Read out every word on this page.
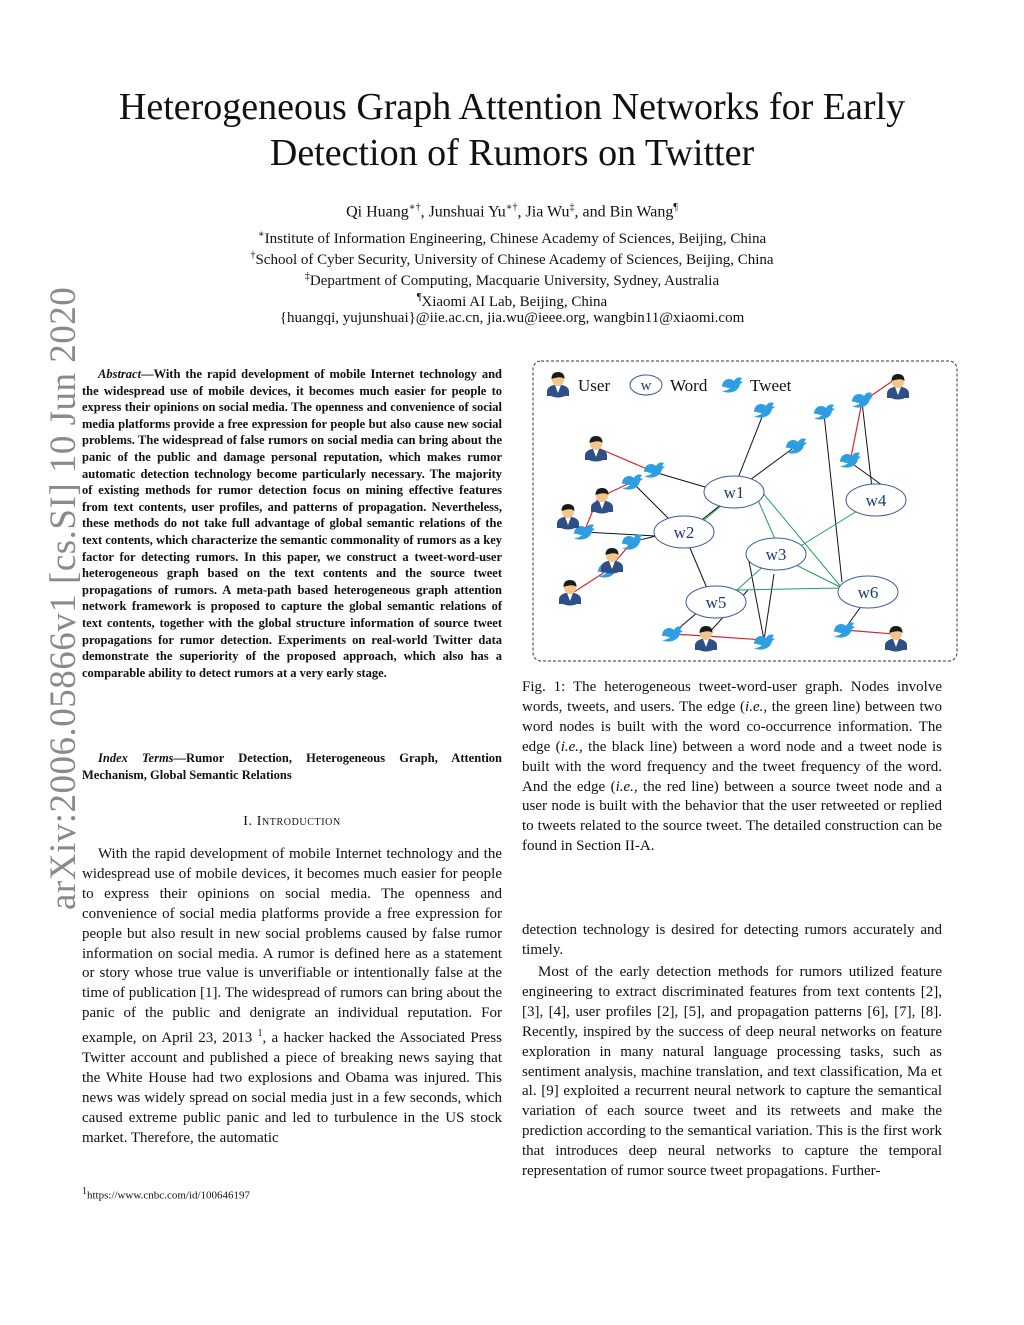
arXiv:2006.05866v1 [cs.SI] 10 Jun 2020
Heterogeneous Graph Attention Networks for Early Detection of Rumors on Twitter
Qi Huang∗†, Junshuai Yu∗†, Jia Wu‡, and Bin Wang¶
∗Institute of Information Engineering, Chinese Academy of Sciences, Beijing, China
†School of Cyber Security, University of Chinese Academy of Sciences, Beijing, China
‡Department of Computing, Macquarie University, Sydney, Australia
¶Xiaomi AI Lab, Beijing, China
{huangqi, yujunshuai}@iie.ac.cn, jia.wu@ieee.org, wangbin11@xiaomi.com

Abstract—With the rapid development of mobile Internet technology and the widespread use of mobile devices, it becomes much easier for people to express their opinions on social media. The openness and convenience of social media platforms provide a free expression for people but also cause new social problems. The widespread of false rumors on social media can bring about the panic of the public and damage personal reputation, which makes rumor automatic detection technology become particularly necessary. The majority of existing methods for rumor detection focus on mining effective features from text contents, user profiles, and patterns of propagation. Nevertheless, these methods do not take full advantage of global semantic relations of the text contents, which characterize the semantic commonality of rumors as a key factor for detecting rumors. In this paper, we construct a tweet-word-user heterogeneous graph based on the text contents and the source tweet propagations of rumors. A meta-path based heterogeneous graph attention network framework is proposed to capture the global semantic relations of text contents, together with the global structure information of source tweet propagations for rumor detection. Experiments on real-world Twitter data demonstrate the superiority of the proposed approach, which also has a comparable ability to detect rumors at a very early stage.

Index Terms—Rumor Detection, Heterogeneous Graph, Attention Mechanism, Global Semantic Relations

I. Introduction

With the rapid development of mobile Internet technology and the widespread use of mobile devices, it becomes much easier for people to express their opinions on social media. The openness and convenience of social media platforms provide a free expression for people but also result in new social problems caused by false rumor information on social media. A rumor is defined here as a statement or story whose true value is unverifiable or intentionally false at the time of publication [1]. The widespread of rumors can bring about the panic of the public and denigrate an individual reputation. For example, on April 23, 2013 $^1$, a hacker hacked the Associated Press Twitter account and published a piece of breaking news saying that the White House had two explosions and Obama was injured. This news was widely spread on social media just in a few seconds, which caused extreme public panic and led to turbulence in the US stock market. Therefore, the automatic

$^1$https://www.cnbc.com/id/100646197
w1
w2
w3
w4
w5
w6
User w Word	Tweet

Fig. 1: The heterogeneous tweet-word-user graph. Nodes involve words, tweets, and users. The edge (i.e., the green line) between two word nodes is built with the word co-occurrence information. The edge (i.e., the black line) between a word node and a tweet node is built with the word frequency and the tweet frequency of the word. And the edge (i.e., the red line) between a source tweet node and a user node is built with the behavior that the user retweeted or replied to tweets related to the source tweet. The detailed construction can be found in Section II-A.

detection technology is desired for detecting rumors accurately and timely.

Most of the early detection methods for rumors utilized feature engineering to extract discriminated features from text contents [2], [3], [4], user profiles [2], [5], and propagation patterns [6], [7], [8]. Recently, inspired by the success of deep neural networks on feature exploration in many natural language processing tasks, such as sentiment analysis, machine translation, and text classification, Ma et al. [9] exploited a recurrent neural network to capture the semantical variation of each source tweet and its retweets and make the prediction according to the semantical variation. This is the first work that introduces deep neural networks to capture the temporal representation of rumor source tweet propagations. Further-
